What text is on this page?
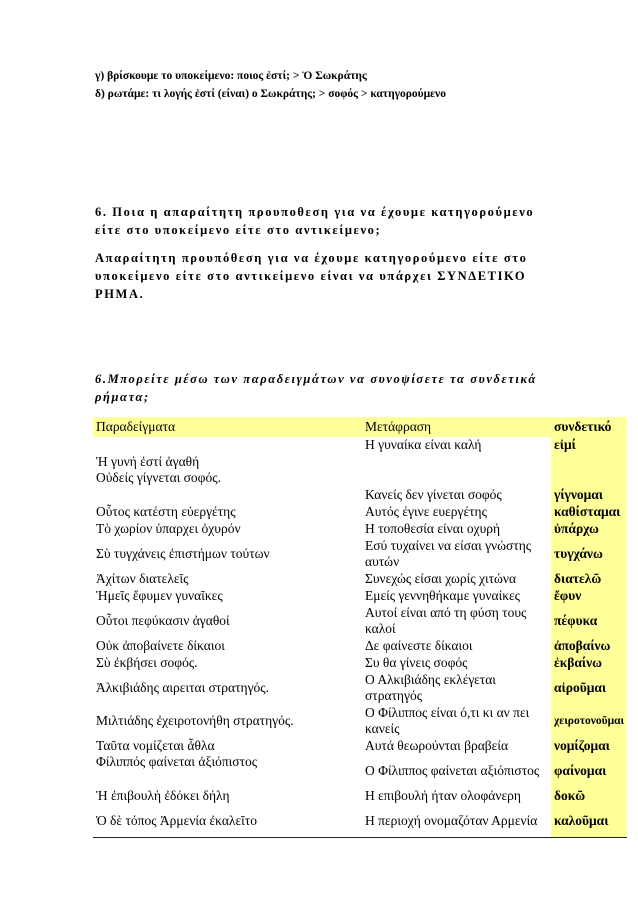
γ) βρίσκουμε το υποκείμενο: ποιος ἐστί; > Ὁ Σωκράτης
δ) ρωτάμε: τι λογής ἐστί (είναι) ο Σωκράτης; > σοφός > κατηγορούμενο
6. Ποια η απαραίτητη προυποθεση για να έχουμε κατηγορούμενο
είτε στο υποκείμενο είτε στο αντικείμενο;
Απαραίτητη προυπόθεση για να έχουμε κατηγορούμενο είτε στο
υποκείμενο είτε στο αντικείμενο είναι να υπάρχει ΣΥΝΔΕΤΙΚΟ
ΡΗΜΑ.
6.Μπορείτε μέσω των παραδειγμάτων να συνοψίσετε τα συνδετικά
ρήματα;
Παραδείγματα	Μετάφραση	συνδετικό
Ἡ γυνή ἐστί ἀγαθή	Η γυναίκα είναι καλή	εἰμί
Οὐδείς γίγνεται σοφός.	Κανείς δεν γίνεται σοφός	γίγνομαι
Οὗτος κατέστη εὐεργέτης	Αυτός έγινε ευεργέτης	καθίσταμαι
Τὸ χωρίον ὑπαρχει ὀχυρόν	Η τοποθεσία είναι οχυρή	ὑπάρχω
Σὺ τυγχάνεις ἐπιστήμων τούτων	Εσύ τυχαίνει να είσαι γνώστης αυτών	τυγχάνω
Ἀχίτων διατελεῖς	Συνεχώς είσαι χωρίς χιτώνα	διατελῶ
Ἡμεῖς ἔφυμεν γυναῖκες	Εμείς γεννηθήκαμε γυναίκες	ἔφυν
Οὗτοι πεφύκασιν ἀγαθοί	Αυτοί είναι από τη φύση τους καλοί	πέφυκα
Οὐκ ἀποβαίνετε δίκαιοι	Δε φαίνεστε δίκαιοι	ἀποβαίνω
Σὺ ἐκβήσει σοφός.	Συ θα γίνεις σοφός	ἐκβαίνω
Ἀλκιβιάδης αιρειται στρατηγός.	Ο Αλκιβιάδης εκλέγεται στρατηγός	αἱροῦμαι
Μιλτιάδης ἐχειροτονήθη στρατηγός.	Ο Φίλιππος είναι ό,τι κι αν πει κανείς	χειροτονοῦμαι
Ταῦτα νομίζεται ἆθλα	Αυτά θεωρούνται βραβεία	νομίζομαι
Φίλιππός φαίνεται ἀξιόπιστος	Ο Φίλιππος φαίνεται αξιόπιστος	φαίνομαι
Ἡ ἐπιβουλὴ ἐδόκει δήλη	Η επιβουλή ήταν ολοφάνερη	δοκῶ
Ὁ δὲ τόπος Ἀρμενία ἐκαλεῖτο	Η περιοχή ονομαζόταν Αρμενία	καλοῦμαι
